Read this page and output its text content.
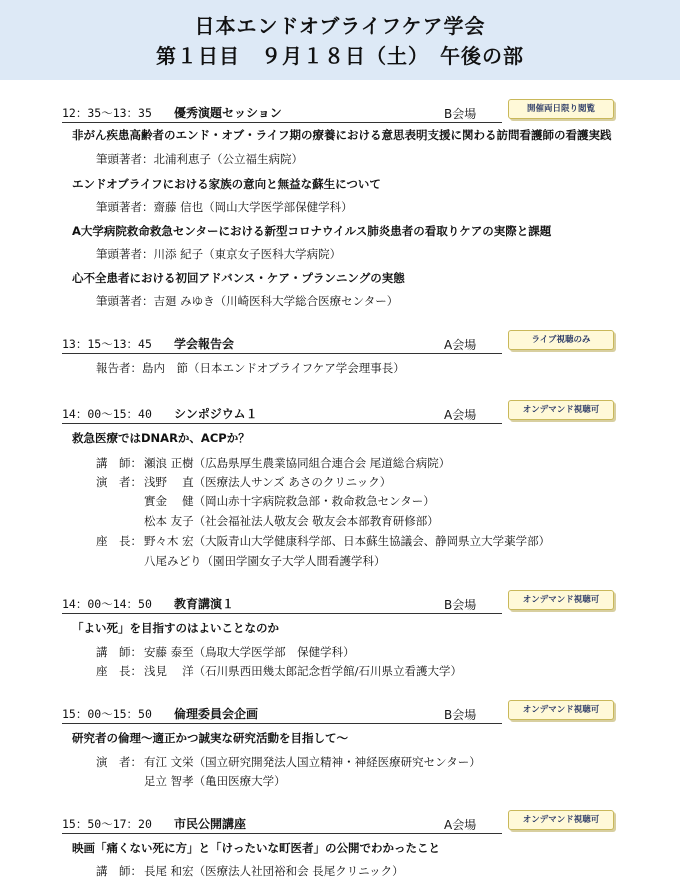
日本エンドオブライフケア学会
第１日目　９月１８日（土）　午後の部
12：35〜13：35 優秀演題セッション	B会場	開催両日限り閲覧
非がん疾患高齢者のエンド・オブ・ライフ期の療養における意思表明支援に関わる訪問看護師の看護実践
筆頭著者：北浦利恵子（公立福生病院）
エンドオブライフにおける家族の意向と無益な蘇生について
筆頭著者：齋藤 信也（岡山大学医学部保健学科）
A大学病院救命救急センターにおける新型コロナウイルス肺炎患者の看取りケアの実際と課題
筆頭著者：川添 紀子（東京女子医科大学病院）
心不全患者における初回アドバンス・ケア・プランニングの実態
筆頭著者：吉廻 みゆき（川崎医科大学総合医療センター）
13：15〜13：45 学会報告会	A会場	ライブ視聴のみ
報告者：島内　節（日本エンドオブライフケア学会理事長）
14：00〜15：40 シンポジウム１	A会場	オンデマンド視聴可
救急医療ではDNARか、ACPか？
講　師： 瀬浪 正樹（広島県厚生農業協同組合連合会 尾道総合病院）
演　者： 浅野　 直（医療法人サンズ あさのクリニック）
實金　 健（岡山赤十字病院救急部・救命救急センター）
松本 友子（社会福祉法人敬友会 敬友会本部教育研修部）
座　長： 野々木 宏（大阪青山大学健康科学部、日本蘇生協議会、静岡県立大学薬学部）
八尾みどり（園田学園女子大学人間看護学科）
14：00〜14：50 教育講演１	B会場	オンデマンド視聴可
「よい死」を目指すのはよいことなのか
講　師： 安藤 泰至（鳥取大学医学部　保健学科）
座　長： 浅見　 洋（石川県西田幾太郎記念哲学館/石川県立看護大学）
15：00〜15：50 倫理委員会企画	B会場	オンデマンド視聴可
研究者の倫理〜適正かつ誠実な研究活動を目指して〜
演　者： 有江 文栄（国立研究開発法人国立精神・神経医療研究センター）
足立 智孝（亀田医療大学）
15：50〜17：20 市民公開講座	A会場	オンデマンド視聴可
映画「痛くない死に方」と「けったいな町医者」の公開でわかったこと
講　師： 長尾 和宏（医療法人社団裕和会 長尾クリニック）
